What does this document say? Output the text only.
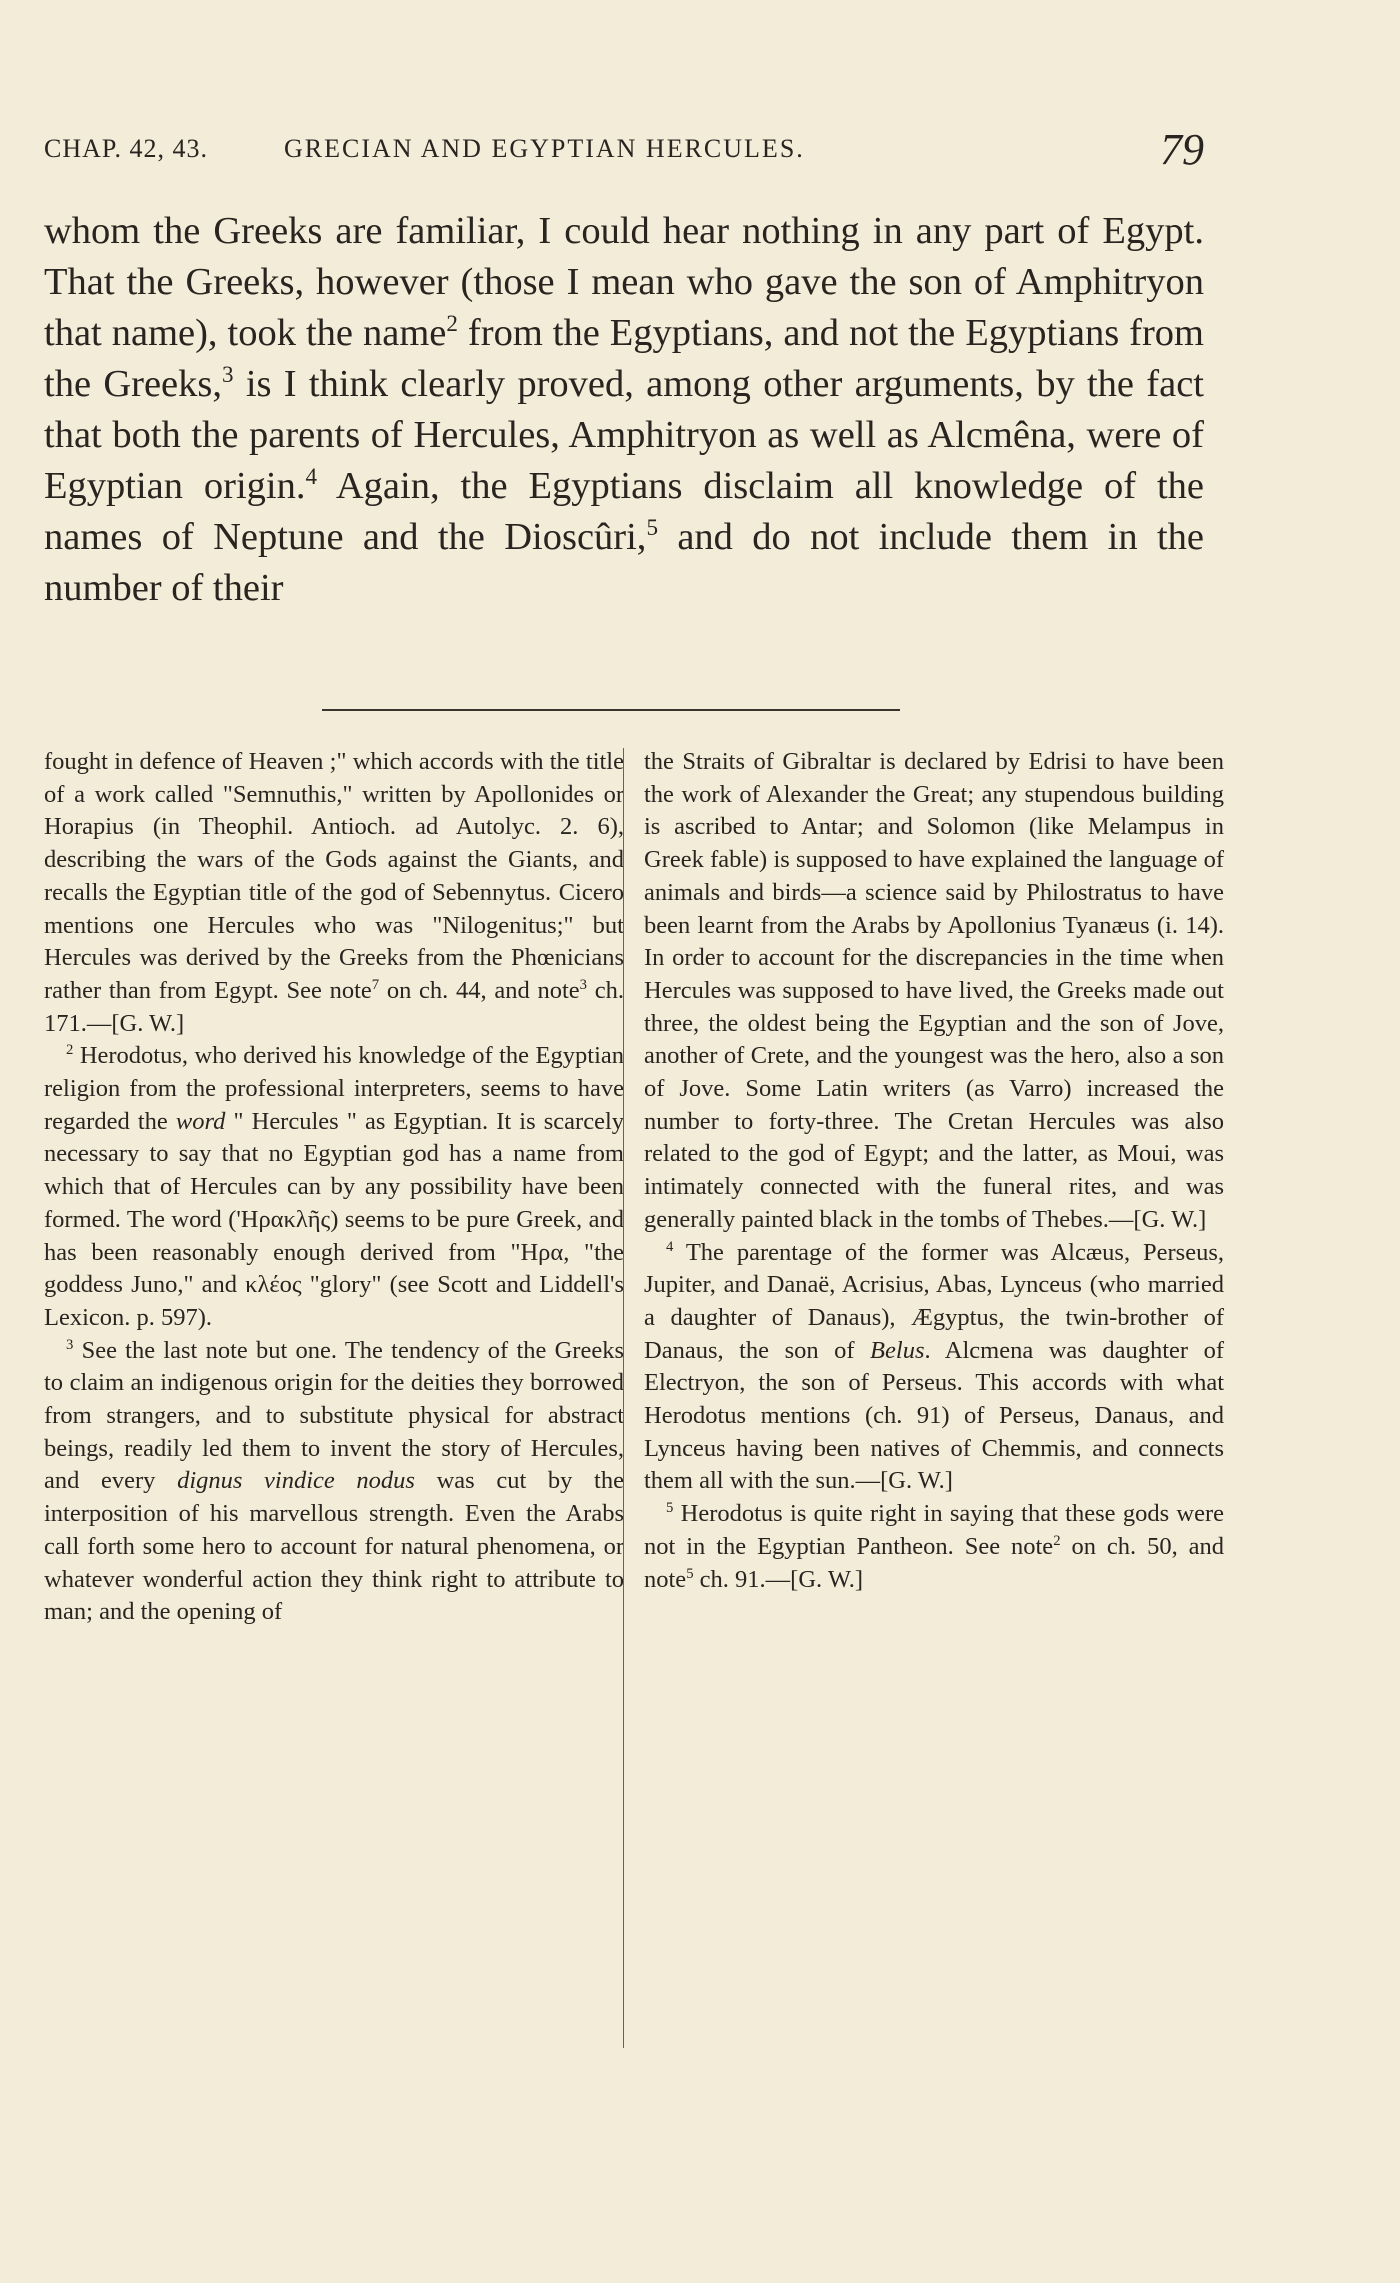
CHAP. 42, 43.	GRECIAN AND EGYPTIAN HERCULES.	79

whom the Greeks are familiar, I could hear nothing in any part of Egypt. That the Greeks, however (those I mean who gave the son of Amphitryon that name), took the name$^2$ from the Egyptians, and not the Egyptians from the Greeks,$^3$ is I think clearly proved, among other arguments, by the fact that both the parents of Hercules, Amphitryon as well as Alcmêna, were of Egyptian origin.$^4$ Again, the Egyptians disclaim all knowledge of the names of Neptune and the Dioscûri,$^5$ and do not include them in the number of their

fought in defence of Heaven ;" which accords with the title of a work called "Semnuthis," written by Apollonides or Horapius (in Theophil. Antioch. ad Autolyc. 2. 6), describing the wars of the Gods against the Giants, and recalls the Egyptian title of the god of Sebennytus. Cicero mentions one Hercules who was "Nilogenitus;" but Hercules was derived by the Greeks from the Phœnicians rather than from Egypt. See note$^7$ on ch. 44, and note$^3$ ch. 171.—[G. W.]

$^2$ Herodotus, who derived his knowledge of the Egyptian religion from the professional interpreters, seems to have regarded the word " Hercules " as Egyptian. It is scarcely necessary to say that no Egyptian god has a name from which that of Hercules can by any possibility have been formed. The word ('Ηρακλῆς) seems to be pure Greek, and has been reasonably enough derived from "Ηρα, "the goddess Juno," and κλέος "glory" (see Scott and Liddell's Lexicon. p. 597).

$^3$ See the last note but one. The tendency of the Greeks to claim an indigenous origin for the deities they borrowed from strangers, and to substitute physical for abstract beings, readily led them to invent the story of Hercules, and every dignus vindice nodus was cut by the interposition of his marvellous strength. Even the Arabs call forth some hero to account for natural phenomena, or whatever wonderful action they think right to attribute to man; and the opening of

the Straits of Gibraltar is declared by Edrisi to have been the work of Alexander the Great; any stupendous building is ascribed to Antar; and Solomon (like Melampus in Greek fable) is supposed to have explained the language of animals and birds—a science said by Philostratus to have been learnt from the Arabs by Apollonius Tyanæus (i. 14). In order to account for the discrepancies in the time when Hercules was supposed to have lived, the Greeks made out three, the oldest being the Egyptian and the son of Jove, another of Crete, and the youngest was the hero, also a son of Jove. Some Latin writers (as Varro) increased the number to forty-three. The Cretan Hercules was also related to the god of Egypt; and the latter, as Moui, was intimately connected with the funeral rites, and was generally painted black in the tombs of Thebes.—[G. W.]

$^4$ The parentage of the former was Alcæus, Perseus, Jupiter, and Danaë, Acrisius, Abas, Lynceus (who married a daughter of Danaus), Ægyptus, the twin-brother of Danaus, the son of Belus. Alcmena was daughter of Electryon, the son of Perseus. This accords with what Herodotus mentions (ch. 91) of Perseus, Danaus, and Lynceus having been natives of Chemmis, and connects them all with the sun.—[G. W.]

$^5$ Herodotus is quite right in saying that these gods were not in the Egyptian Pantheon. See note$^2$ on ch. 50, and note$^5$ ch. 91.—[G. W.]
